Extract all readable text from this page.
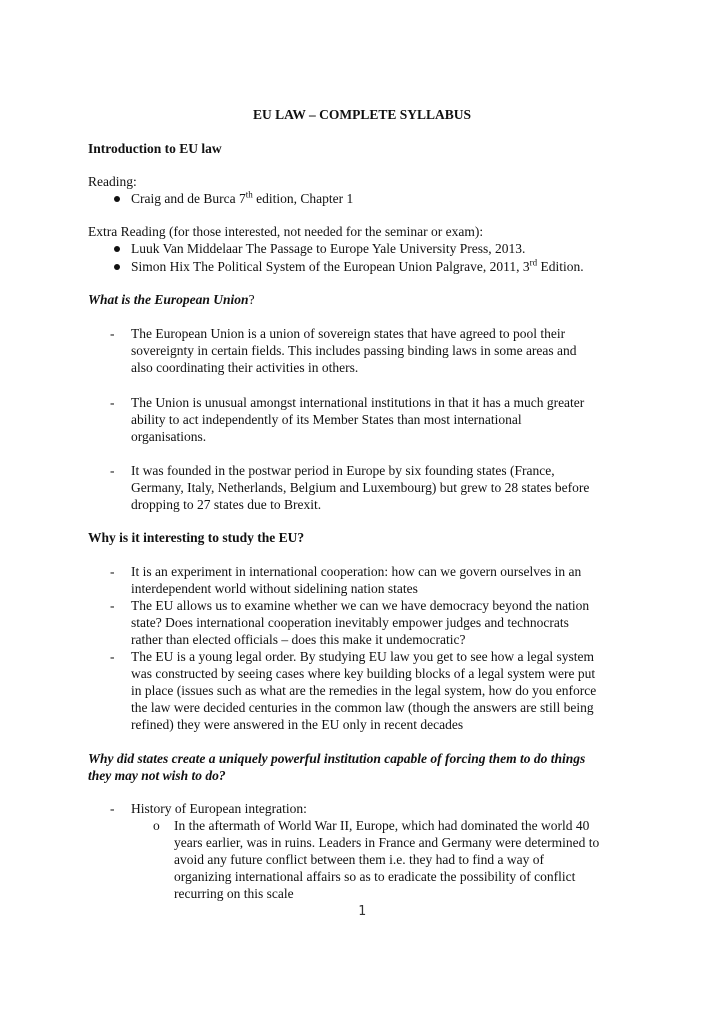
EU LAW – COMPLETE SYLLABUS
Introduction to EU law
Reading:
Craig and de Burca 7th edition, Chapter 1
Extra Reading (for those interested, not needed for the seminar or exam):
Luuk Van Middelaar The Passage to Europe Yale University Press, 2013.
Simon Hix The Political System of the European Union Palgrave, 2011, 3rd Edition.
What is the European Union?
- The European Union is a union of sovereign states that have agreed to pool their
sovereignty in certain fields. This includes passing binding laws in some areas and
also coordinating their activities in others.
- The Union is unusual amongst international institutions in that it has a much greater
ability to act independently of its Member States than most international
organisations.
- It was founded in the postwar period in Europe by six founding states (France,
Germany, Italy, Netherlands, Belgium and Luxembourg) but grew to 28 states before
dropping to 27 states due to Brexit.
Why is it interesting to study the EU?
- It is an experiment in international cooperation: how can we govern ourselves in an
interdependent world without sidelining nation states
- The EU allows us to examine whether we can we have democracy beyond the nation
state? Does international cooperation inevitably empower judges and technocrats
rather than elected officials – does this make it undemocratic?
- The EU is a young legal order. By studying EU law you get to see how a legal system
was constructed by seeing cases where key building blocks of a legal system were put
in place (issues such as what are the remedies in the legal system, how do you enforce
the law were decided centuries in the common law (though the answers are still being
refined) they were answered in the EU only in recent decades
Why did states create a uniquely powerful institution capable of forcing them to do things
they may not wish to do?
- History of European integration:
o In the aftermath of World War II, Europe, which had dominated the world 40
years earlier, was in ruins. Leaders in France and Germany were determined to
avoid any future conflict between them i.e. they had to find a way of
organizing international affairs so as to eradicate the possibility of conflict
recurring on this scale
1
